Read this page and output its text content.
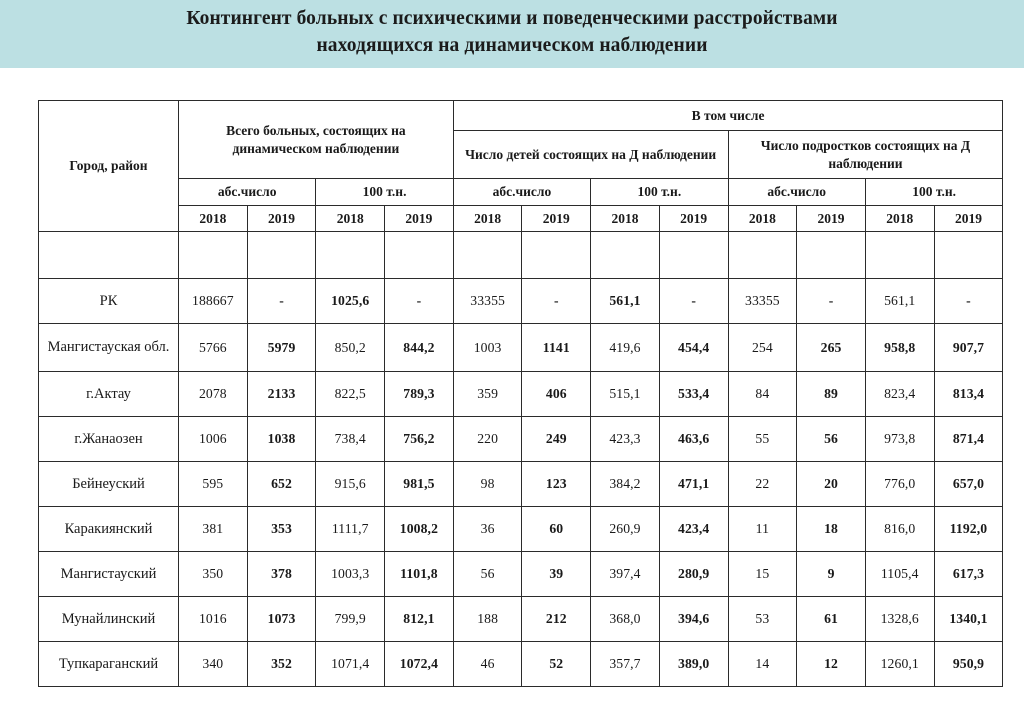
Контингент больных с психическими и поведенческими расстройствами
находящихся на динамическом наблюдении
Город, район	Всего больных, состоящих на динамическом наблюдении				В том числе							
					Число детей состоящих на Д наблюдении				Число подростков состоящих на Д наблюдении			
	абс.число		100 т.н.		абс.число		100 т.н.		абс.число		100 т.н.	
	2018	2019	2018	2019	2018	2019	2018	2019	2018	2019	2018	2019

РК	188667	-	1025,6	-	33355	-	561,1	-	33355	-	561,1	-
Мангистауская обл.	5766	5979	850,2	844,2	1003	1141	419,6	454,4	254	265	958,8	907,7
г.Актау	2078	2133	822,5	789,3	359	406	515,1	533,4	84	89	823,4	813,4
г.Жанаозен	1006	1038	738,4	756,2	220	249	423,3	463,6	55	56	973,8	871,4
Бейнеуский	595	652	915,6	981,5	98	123	384,2	471,1	22	20	776,0	657,0
Каракиянский	381	353	1111,7	1008,2	36	60	260,9	423,4	11	18	816,0	1192,0
Мангистауский	350	378	1003,3	1101,8	56	39	397,4	280,9	15	9	1105,4	617,3
Мунайлинский	1016	1073	799,9	812,1	188	212	368,0	394,6	53	61	1328,6	1340,1
Тупкараганский	340	352	1071,4	1072,4	46	52	357,7	389,0	14	12	1260,1	950,9
